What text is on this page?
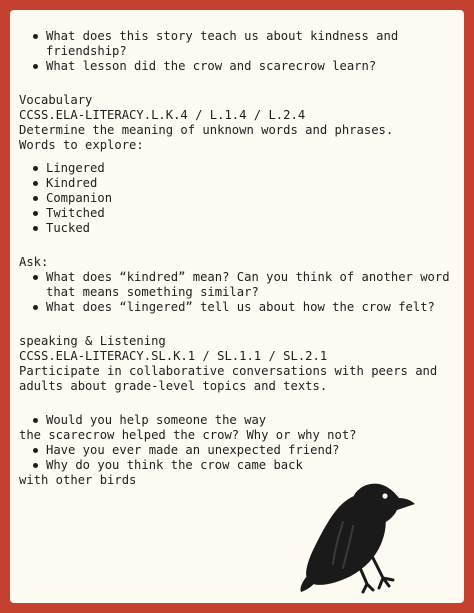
What does this story teach us about kindness and friendship?
What lesson did the crow and scarecrow learn?

Vocabulary

CCSS.ELA-LITERACY.L.K.4 / L.1.4 / L.2.4

Determine the meaning of unknown words and phrases.

Words to explore:

Lingered
Kindred
Companion
Twitched
Tucked

Ask:

What does “kindred” mean? Can you think of another word that means something similar?
What does “lingered” tell us about how the crow felt?

speaking & Listening

CCSS.ELA-LITERACY.SL.K.1 / SL.1.1 / SL.2.1

Participate in collaborative conversations with peers and adults about grade-level topics and texts.

Would you help someone the way

the scarecrow helped the crow? Why or why not?

Have you ever made an unexpected friend?
Why do you think the crow came back

with other birds
